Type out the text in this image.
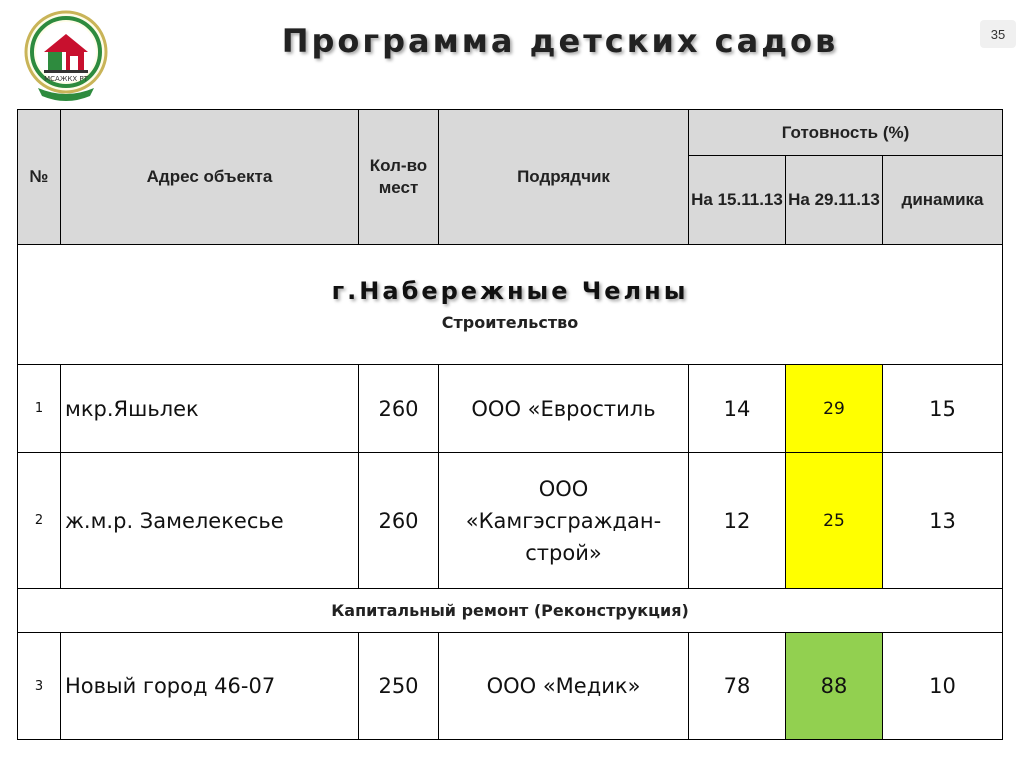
МСАЖКХ РТ
Программа детских садов	35
№	Адрес объекта	Кол-во мест	Подрядчик	Готовность (%)		
				На 15.11.13	На 29.11.13	динамика

г.Набережные Челны
Строительство						

1	мкр.Яшьлек	260	ООО «Евростиль	14	29	15
2	ж.м.р. Замелекесье	260	ООО «Камгэсграждан-строй»	12	25	13
Капитальный ремонт (Реконструкция)						
3	Новый город 46-07	250	ООО «Медик»	78	88	10
